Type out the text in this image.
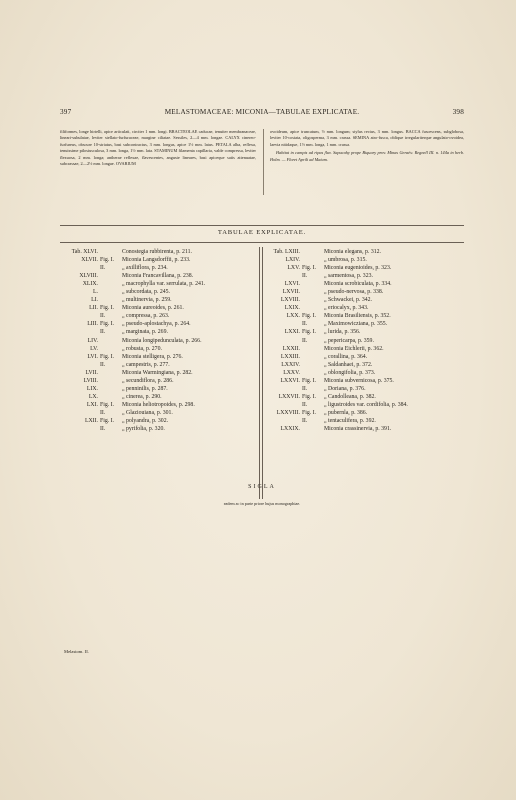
397	MELASTOMACEAE: MICONIA—TABULAE EXPLICATAE.	398
filiformes, longe hirtelli, apice articulati, circiter 1 mm. longi. BRACTEOLAE caducae, tenuiter membranaceae, lineari-subulatae, leviter stellato-furfuraceae, margine ciliatae. Sessiles, 2—4 mm. longae. CALYX cinereo-furfureus, obscure 10-striatus, basi subcontractus, 3 mm. longus, apice 1½ mm. latus. PETALA alba, reflexa, tenuissime pilosiusculosa, 3 mm. longa, 1½ mm. lata. STAMINUM filamenta capillaria, valde compressa, leviter flexuosa, 2 mm. longa; antherae reflexae, flavescentes, anguste lineares, basi apiceque satis attenuatae, subcrassae, 2—2½ mm. longae. OVARIUM
ovoideum, apice truncatum, ½ mm. longum; stylus rectus, 3 mm. longus. BACCA fuscescens, subglobosa, leviter 10-costata, oligosperma, 3 mm. crassa. SEMINA atro-fusca, oblique irregulariterque angulato-ovoidea, laevia nitidaque, 1½ mm. longa, 1 mm. crassa.
Habitat in campis ad ripas fluv. Sapucahy prope Biquary prov. Minas Geraës: Regnell III. n. 144a in herb. Holm. — Floret Aprili ad Maium.
TABULAE EXPLICATAE.
Tab. XLVI.	Conostegia rubbirenta, p. 211.
XLVII. Fig. I. Miconia Langsdorffii, p. 233.
II.	„ axilliflora, p. 234.
XLVIII.	Miconia Francavillana, p. 238.
XLIX.	„ macrophylla var. serrulata, p. 241.
L.	„ subcordata, p. 245.
LI.	„ multinervia, p. 259.
LII. Fig. I. Miconia aureoides, p. 261.
II.	„ compressa, p. 263.
LIII. Fig. I. „ pseudo-aplostachya, p. 264.
II.	„ marginata, p. 269.
LIV.	Miconia longipedunculata, p. 266.
LV.	„ robusta, p. 270.
LVI. Fig. I. Miconia stelligera, p. 276.
II.	„ campestris, p. 277.
LVII.	Miconia Warmingiana, p. 282.
LVIII.	„ secundiflora, p. 286.
LIX.	„ penninilis, p. 287.
LX.	„ cinerea, p. 290.
LXI. Fig. I. Miconia heliotropoides, p. 298.
II.	„ Glaziouiana, p. 301.
LXII. Fig. I. „ polyandra, p. 302.
II.	„ pyrifolia, p. 320.
Tab. LXIII.	Miconia elegans, p. 312.
LXIV.	„ umbrosa, p. 315.
LXV. Fig. I. Miconia eugenioides, p. 323.
II.	„ sarmentosa, p. 323.
LXVI.	Miconia scrobiculata, p. 334.
LXVII.	„ pseudo-nervosa, p. 338.
LXVIII.	„ Schwackei, p. 342.
LXIX.	„ eriocalyx, p. 343.
LXX. Fig. I. Miconia Brasiliensis, p. 352.
II.	„ Maximowicziana, p. 355.
LXXI. Fig. I. „ lurida, p. 356.
II.	„ pepericarpa, p. 359.
LXXII.	Miconia Eichlerii, p. 362.
LXXIII.	„ corallina, p. 364.
LXXIV.	„ Saldanhaei, p. 372.
LXXV.	„ oblongifolia, p. 373.
LXXVI. Fig. I. Miconia subvernicosa, p. 375.
II.	„ Doriana, p. 376.
LXXVII. Fig. I. „ Candolleana, p. 382.
II.	„ ligustroides var. cordifolia, p. 384.
LXXVIII. Fig. I. „ pubernla, p. 386.
II.	„ tentaculifera, p. 392.
LXXIX.	Miconia crassinervia, p. 391.
SIGLA
eadem ac in parte priore hujus monographiae.
Melastom. II.
